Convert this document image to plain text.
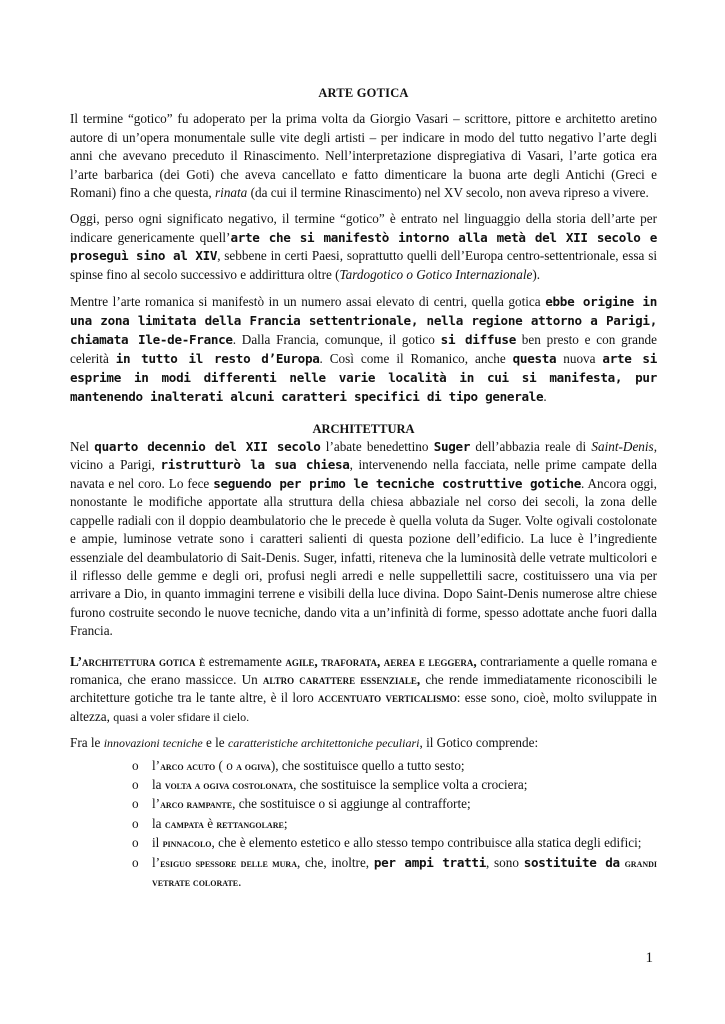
ARTE GOTICA

Il termine “gotico” fu adoperato per la prima volta da Giorgio Vasari – scrittore, pittore e architetto aretino autore di un’opera monumentale sulle vite degli artisti – per indicare in modo del tutto negativo l’arte degli anni che avevano preceduto il Rinascimento. Nell’interpretazione dispregiativa di Vasari, l’arte gotica era l’arte barbarica (dei Goti) che aveva cancellato e fatto dimenticare la buona arte degli Antichi (Greci e Romani) fino a che questa, rinata (da cui il termine Rinascimento) nel XV secolo, non aveva ripreso a vivere.

Oggi, perso ogni significato negativo, il termine “gotico” è entrato nel linguaggio della storia dell’arte per indicare genericamente quell’arte che si manifestò intorno alla metà del XII secolo e proseguì sino al XIV, sebbene in certi Paesi, soprattutto quelli dell’Europa centro-settentrionale, essa si spinse fino al secolo successivo e addirittura oltre (Tardogotico o Gotico Internazionale).

Mentre l’arte romanica si manifestò in un numero assai elevato di centri, quella gotica ebbe origine in una zona limitata della Francia settentrionale, nella regione attorno a Parigi, chiamata Ile-de-France. Dalla Francia, comunque, il gotico si diffuse ben presto e con grande celerità in tutto il resto d’Europa. Così come il Romanico, anche questa nuova arte si esprime in modi differenti nelle varie località in cui si manifesta, pur mantenendo inalterati alcuni caratteri specifici di tipo generale.

ARCHITETTURA

Nel quarto decennio del XII secolo l’abate benedettino Suger dell’abbazia reale di Saint-Denis, vicino a Parigi, ristrutturò la sua chiesa, intervenendo nella facciata, nelle prime campate della navata e nel coro. Lo fece seguendo per primo le tecniche costruttive gotiche. Ancora oggi, nonostante le modifiche apportate alla struttura della chiesa abbaziale nel corso dei secoli, la zona delle cappelle radiali con il doppio deambulatorio che le precede è quella voluta da Suger. Volte ogivali costolonate e ampie, luminose vetrate sono i caratteri salienti di questa pozione dell’edificio. La luce è l’ingrediente essenziale del deambulatorio di Sait-Denis. Suger, infatti, riteneva che la luminosità delle vetrate multicolori e il riflesso delle gemme e degli ori, profusi negli arredi e nelle suppellettili sacre, costituissero una via per arrivare a Dio, in quanto immagini terrene e visibili della luce divina. Dopo Saint-Denis numerose altre chiese furono costruite secondo le nuove tecniche, dando vita a un’infinità di forme, spesso adottate anche fuori dalla Francia.

L’architettura gotica è estremamente agile, traforata, aerea e leggera, contrariamente a quelle romana e romanica, che erano massicce. Un altro carattere essenziale, che rende immediatamente riconoscibili le architetture gotiche tra le tante altre, è il loro accentuato verticalismo: esse sono, cioè, molto sviluppate in altezza, quasi a voler sfidare il cielo.

Fra le innovazioni tecniche e le caratteristiche architettoniche peculiari, il Gotico comprende:

o l’arco acuto ( o a ogiva), che sostituisce quello a tutto sesto;
o la volta a ogiva costolonata, che sostituisce la semplice volta a crociera;
o l’arco rampante, che sostituisce o si aggiunge al contrafforte;
o la campata è rettangolare;
o il pinnacolo, che è elemento estetico e allo stesso tempo contribuisce alla statica degli edifici;
o l’esiguo spessore delle mura, che, inoltre, per ampi tratti, sono sostituite da grandi vetrate colorate.
1
